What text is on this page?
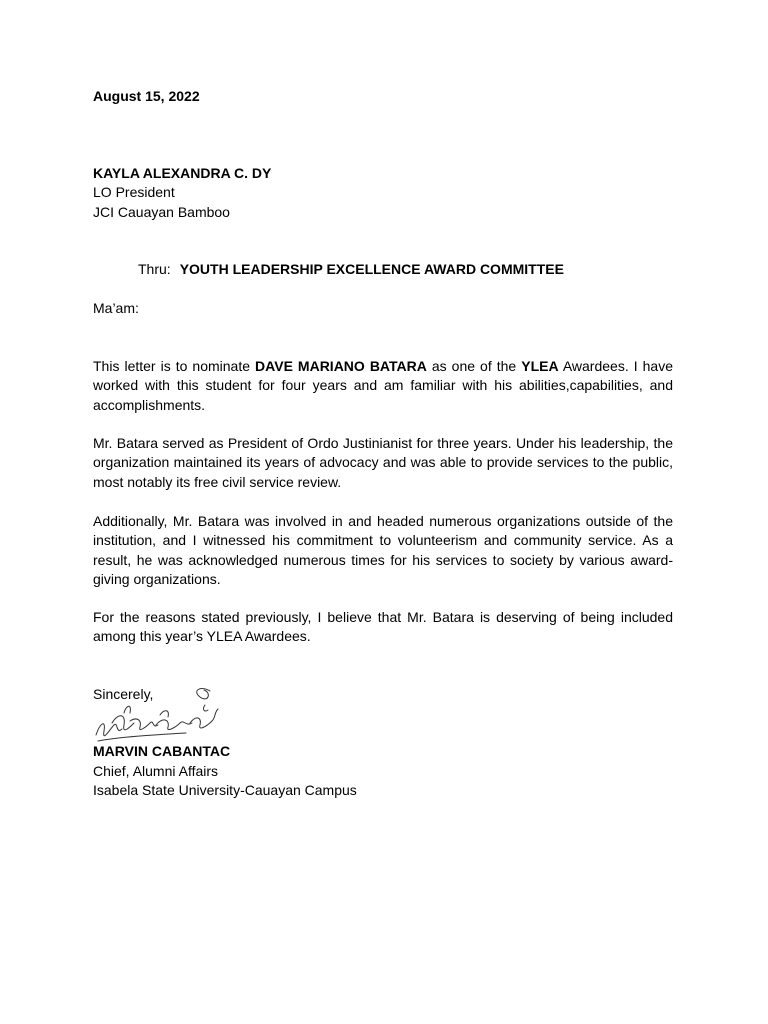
August 15, 2022
KAYLA ALEXANDRA C. DY
LO President
JCI Cauayan Bamboo
Thru: YOUTH LEADERSHIP EXCELLENCE AWARD COMMITTEE
Ma’am:
This letter is to nominate DAVE MARIANO BATARA as one of the YLEA Awardees. I have worked with this student for four years and am familiar with his abilities,capabilities, and accomplishments.
Mr. Batara served as President of Ordo Justinianist for three years. Under his leadership, the organization maintained its years of advocacy and was able to provide services to the public, most notably its free civil service review.
Additionally, Mr. Batara was involved in and headed numerous organizations outside of the institution, and I witnessed his commitment to volunteerism and community service. As a result, he was acknowledged numerous times for his services to society by various award-giving organizations.
For the reasons stated previously, I believe that Mr. Batara is deserving of being included among this year’s YLEA Awardees.
Sincerely,
MARVIN CABANTAC
Chief, Alumni Affairs
Isabela State University-Cauayan Campus
